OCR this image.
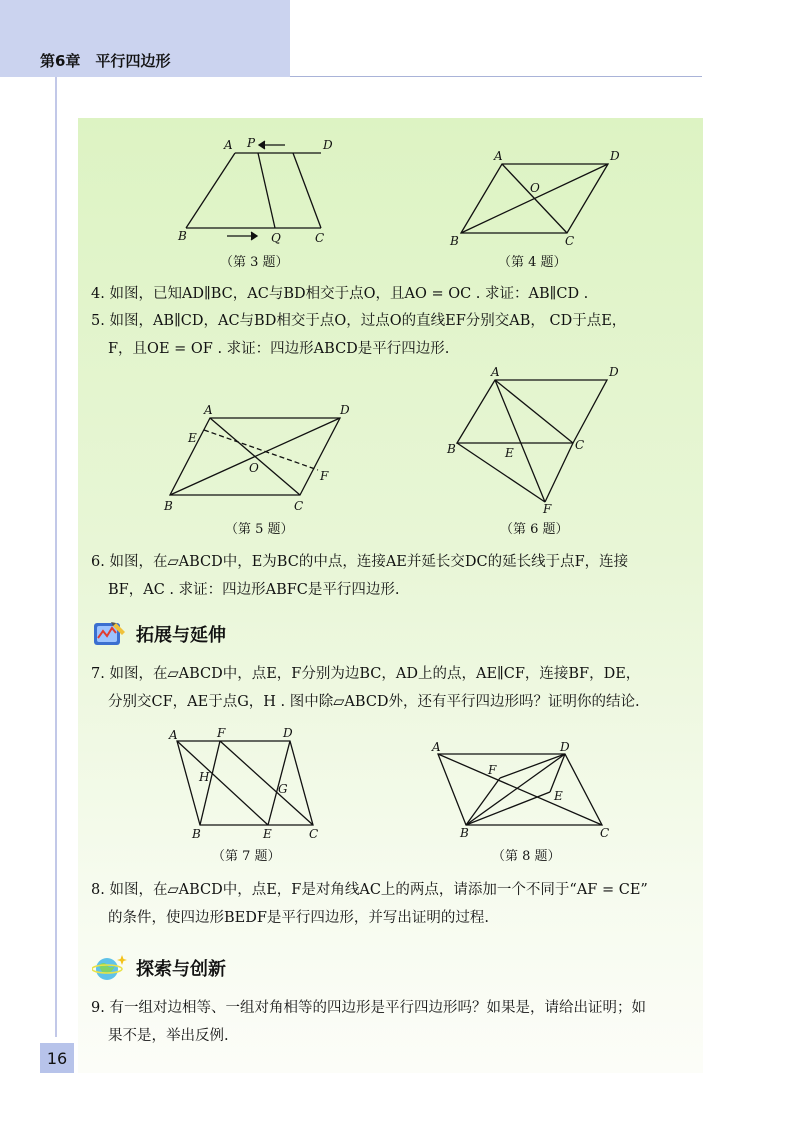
第6章　平行四边形
A P	D
B	Q	C
（第 3 题）
A	D
O
B	C
（第 4 题）
4. 如图，已知AD∥BC，AC与BD相交于点O，且AO = OC . 求证：AB∥CD .
5. 如图，AB∥CD，AC与BD相交于点O，过点O的直线EF分别交AB， CD于点E，
F，且OE = OF . 求证：四边形ABCD是平行四边形.
A	D
E
O
F
B	C
（第 5 题）
A	D
B	E
C
F
（第 6 题）
6. 如图，在▱ABCD中，E为BC的中点，连接AE并延长交DC的延长线于点F，连接
BF，AC . 求证：四边形ABFC是平行四边形.
拓展与延伸
7. 如图，在▱ABCD中，点E，F分别为边BC，AD上的点，AE∥CF，连接BF，DE，
分别交CF，AE于点G，H . 图中除▱ABCD外，还有平行四边形吗？证明你的结论.
A	F	D
H
G
B	E	C
（第 7 题）
A	D
F
E
B	C
（第 8 题）
8. 如图，在▱ABCD中，点E，F是对角线AC上的两点，请添加一个不同于“AF = CE”
的条件，使四边形BEDF是平行四边形，并写出证明的过程.
探索与创新
9. 有一组对边相等、一组对角相等的四边形是平行四边形吗？如果是，请给出证明；如
果不是，举出反例.
16
